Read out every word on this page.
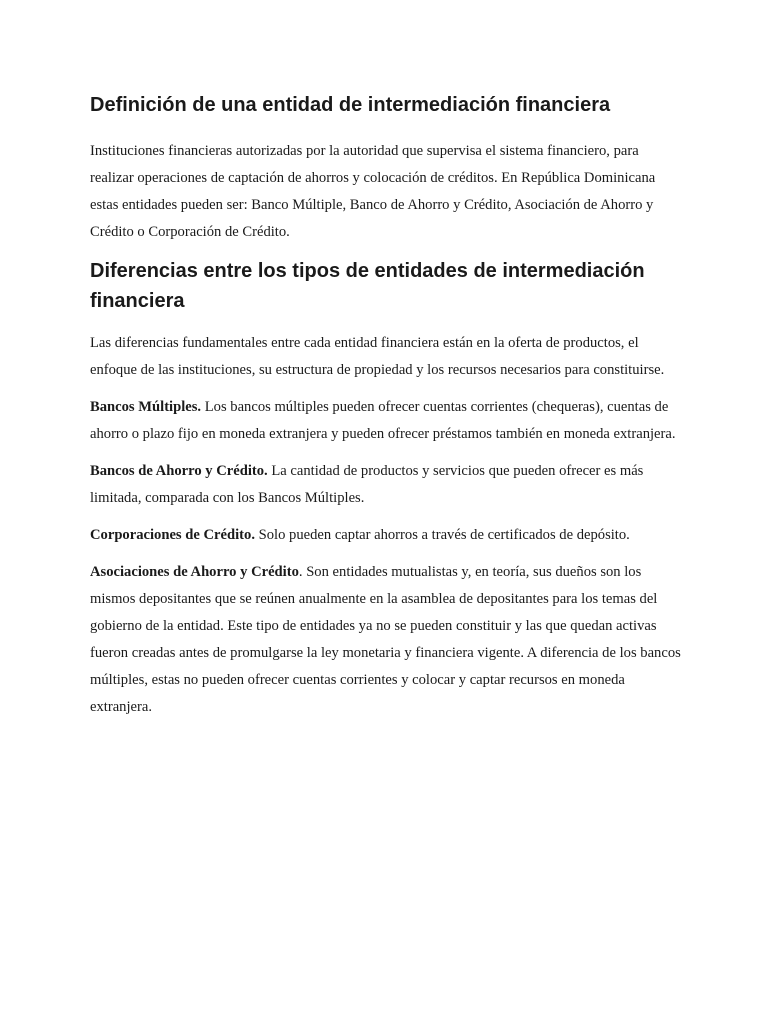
Definición de una entidad de intermediación financiera

Instituciones financieras autorizadas por la autoridad que supervisa el sistema financiero, para realizar operaciones de captación de ahorros y colocación de créditos. En República Dominicana estas entidades pueden ser: Banco Múltiple, Banco de Ahorro y Crédito, Asociación de Ahorro y Crédito o Corporación de Crédito.

Diferencias entre los tipos de entidades de intermediación financiera

Las diferencias fundamentales entre cada entidad financiera están en la oferta de productos, el enfoque de las instituciones, su estructura de propiedad y los recursos necesarios para constituirse.

Bancos Múltiples. Los bancos múltiples pueden ofrecer cuentas corrientes (chequeras), cuentas de ahorro o plazo fijo en moneda extranjera y pueden ofrecer préstamos también en moneda extranjera.

Bancos de Ahorro y Crédito. La cantidad de productos y servicios que pueden ofrecer es más limitada, comparada con los Bancos Múltiples.

Corporaciones de Crédito. Solo pueden captar ahorros a través de certificados de depósito.

Asociaciones de Ahorro y Crédito. Son entidades mutualistas y, en teoría, sus dueños son los mismos depositantes que se reúnen anualmente en la asamblea de depositantes para los temas del gobierno de la entidad. Este tipo de entidades ya no se pueden constituir y las que quedan activas fueron creadas antes de promulgarse la ley monetaria y financiera vigente. A diferencia de los bancos múltiples, estas no pueden ofrecer cuentas corrientes y colocar y captar recursos en moneda extranjera.
